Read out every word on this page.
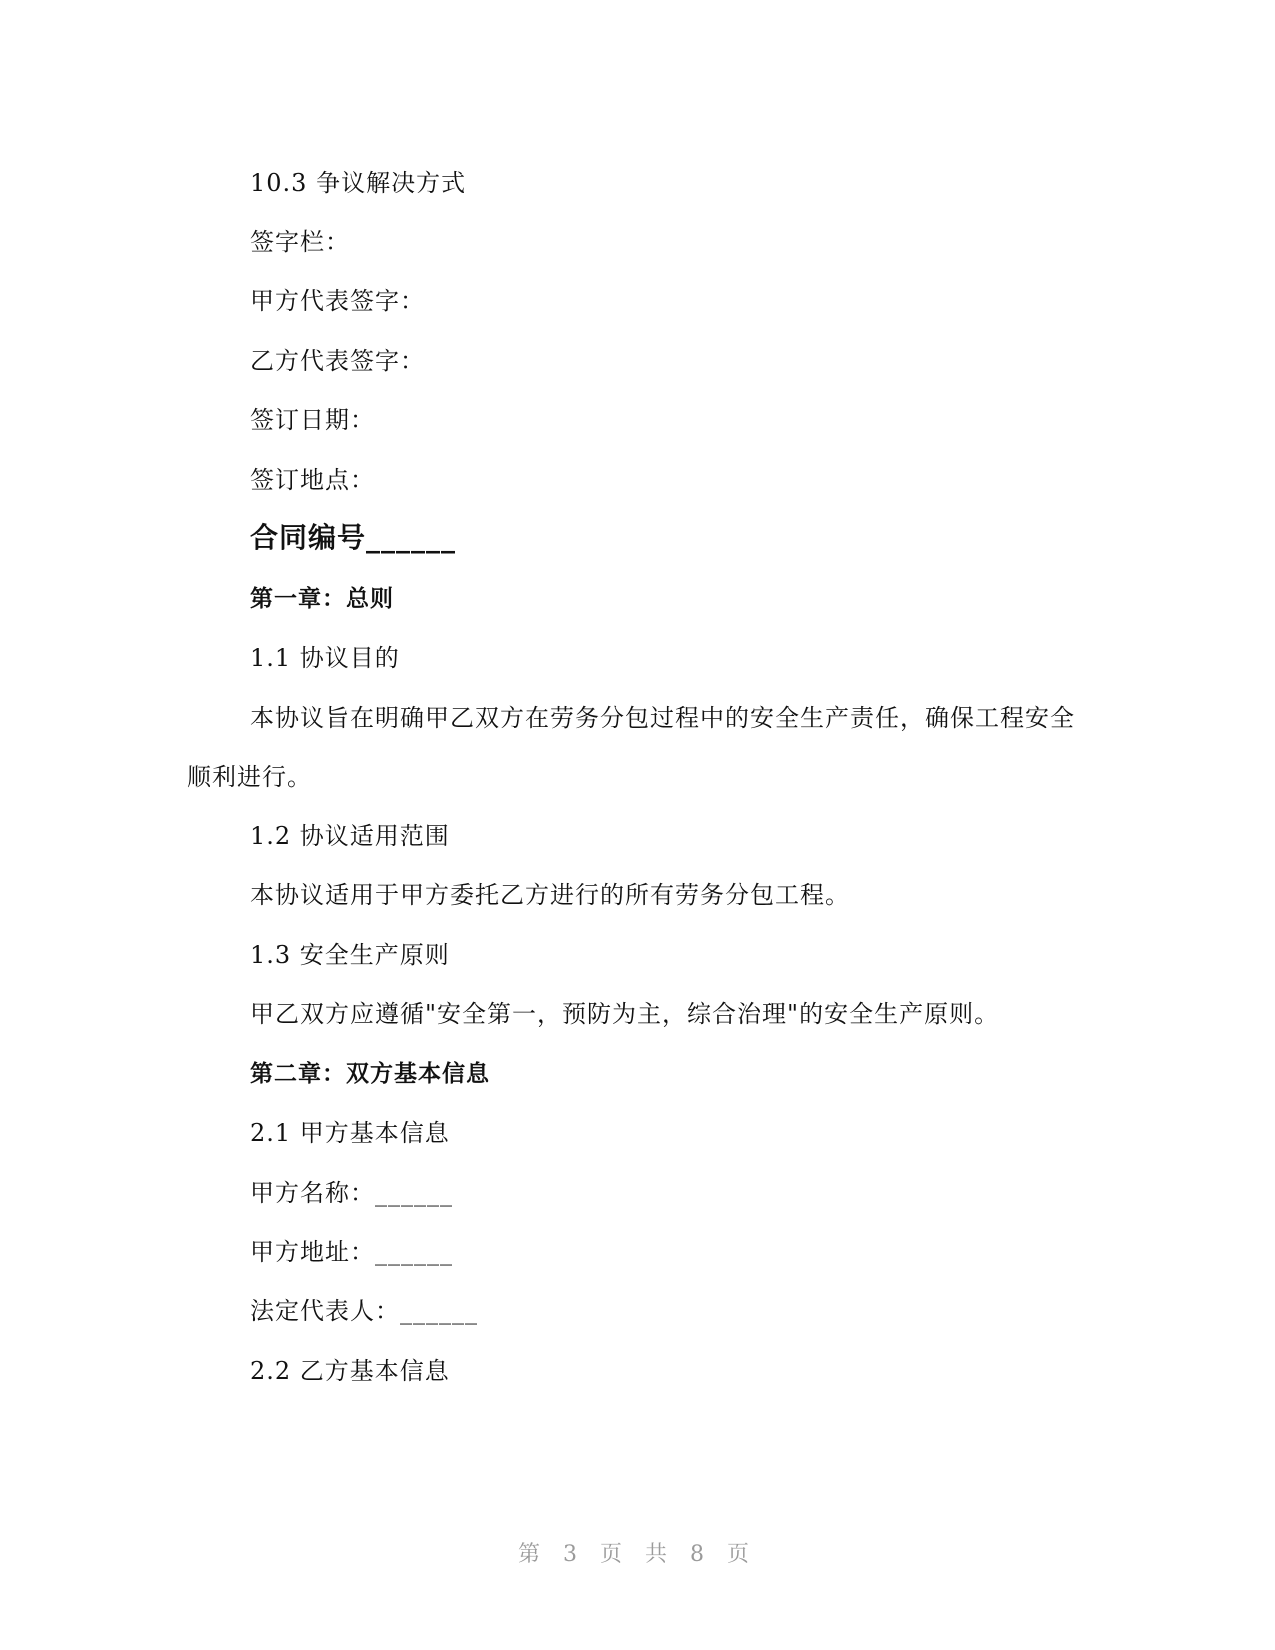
10.3 争议解决方式
签字栏：
甲方代表签字：
乙方代表签字：
签订日期：
签订地点：
合同编号______
第一章：总则
1.1 协议目的
本协议旨在明确甲乙双方在劳务分包过程中的安全生产责任，确保工程安全
顺利进行。
1.2 协议适用范围
本协议适用于甲方委托乙方进行的所有劳务分包工程。
1.3 安全生产原则
甲乙双方应遵循"安全第一，预防为主，综合治理"的安全生产原则。
第二章：双方基本信息
2.1 甲方基本信息
甲方名称：______
甲方地址：______
法定代表人：______
2.2 乙方基本信息
第 3 页 共 8 页
